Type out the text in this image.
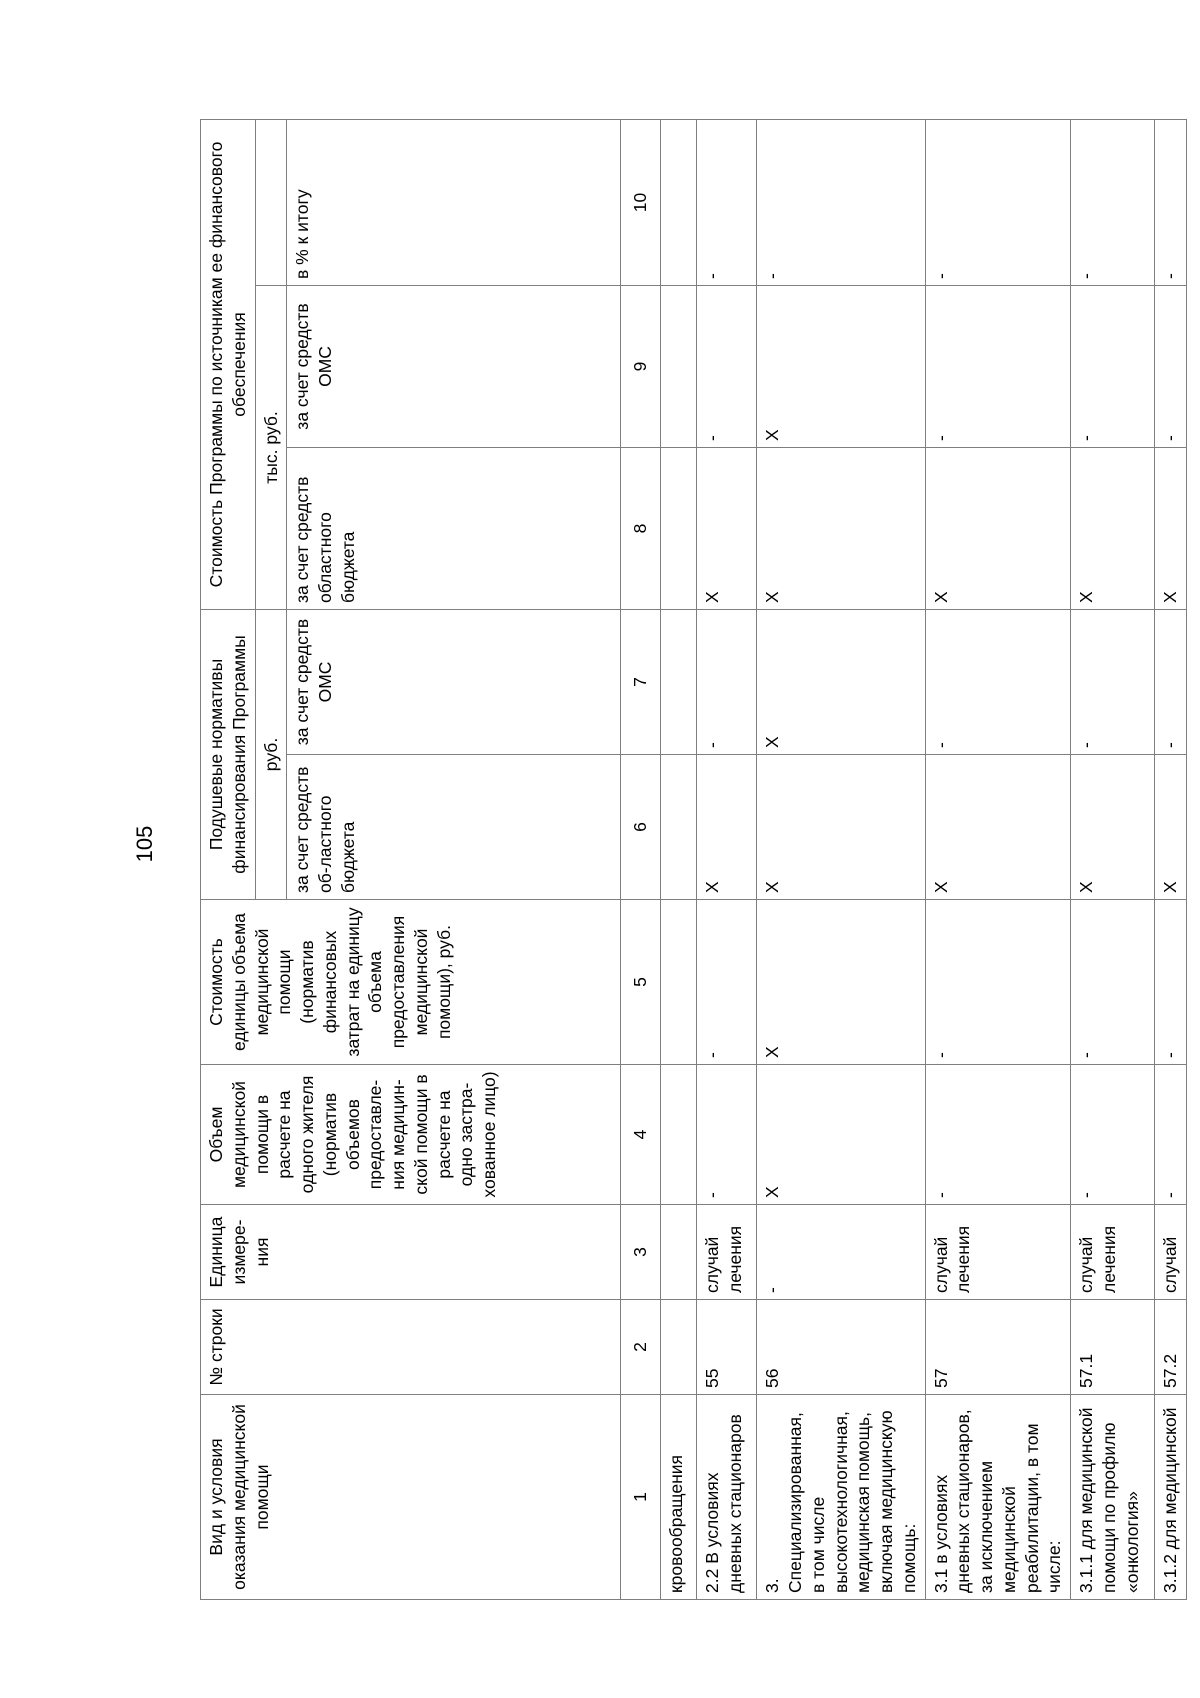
105
Вид и условия оказания медицинской помощи	№ строки	Единица измере-ния	Объем медицинской помощи в расчете на одного жителя (норматив объемов предоставле-ния медицин-ской помощи в расчете на одно застра-хованное лицо)	Стоимость единицы объема медицинской помощи (норматив финансовых затрат на единицу объема предоставления медицинской помощи), руб.	Подушевые нормативы финансирования Программы		Стоимость Программы по источникам ее финансового обеспечения		
					руб.		тыс. руб.		
					за счет средств об-ластного бюджета	за счет средств ОМС	за счет средств областного бюджета	за счет средств ОМС	в % к итогу
1	2	3	4	5	6	7	8	9	10
кровообращения									
2.2 В условиях дневных стационаров	55	случай лечения	-	-	X	-	X	-	-
3. Специализированная, в том числе высокотехнологичная, медицинская помощь, включая медицинскую помощь:	56	-	X	X	X	X	X	X	-
3.1 в условиях дневных стационаров, за исключением медицинской реабилитации, в том числе:	57	случай лечения	-	-	X	-	X	-	-
3.1.1 для медицинской помощи по профилю «онкология»	57.1	случай лечения	-	-	X	-	X	-	-
3.1.2 для медицинской	57.2	случай	-	-	X	-	X	-	-
